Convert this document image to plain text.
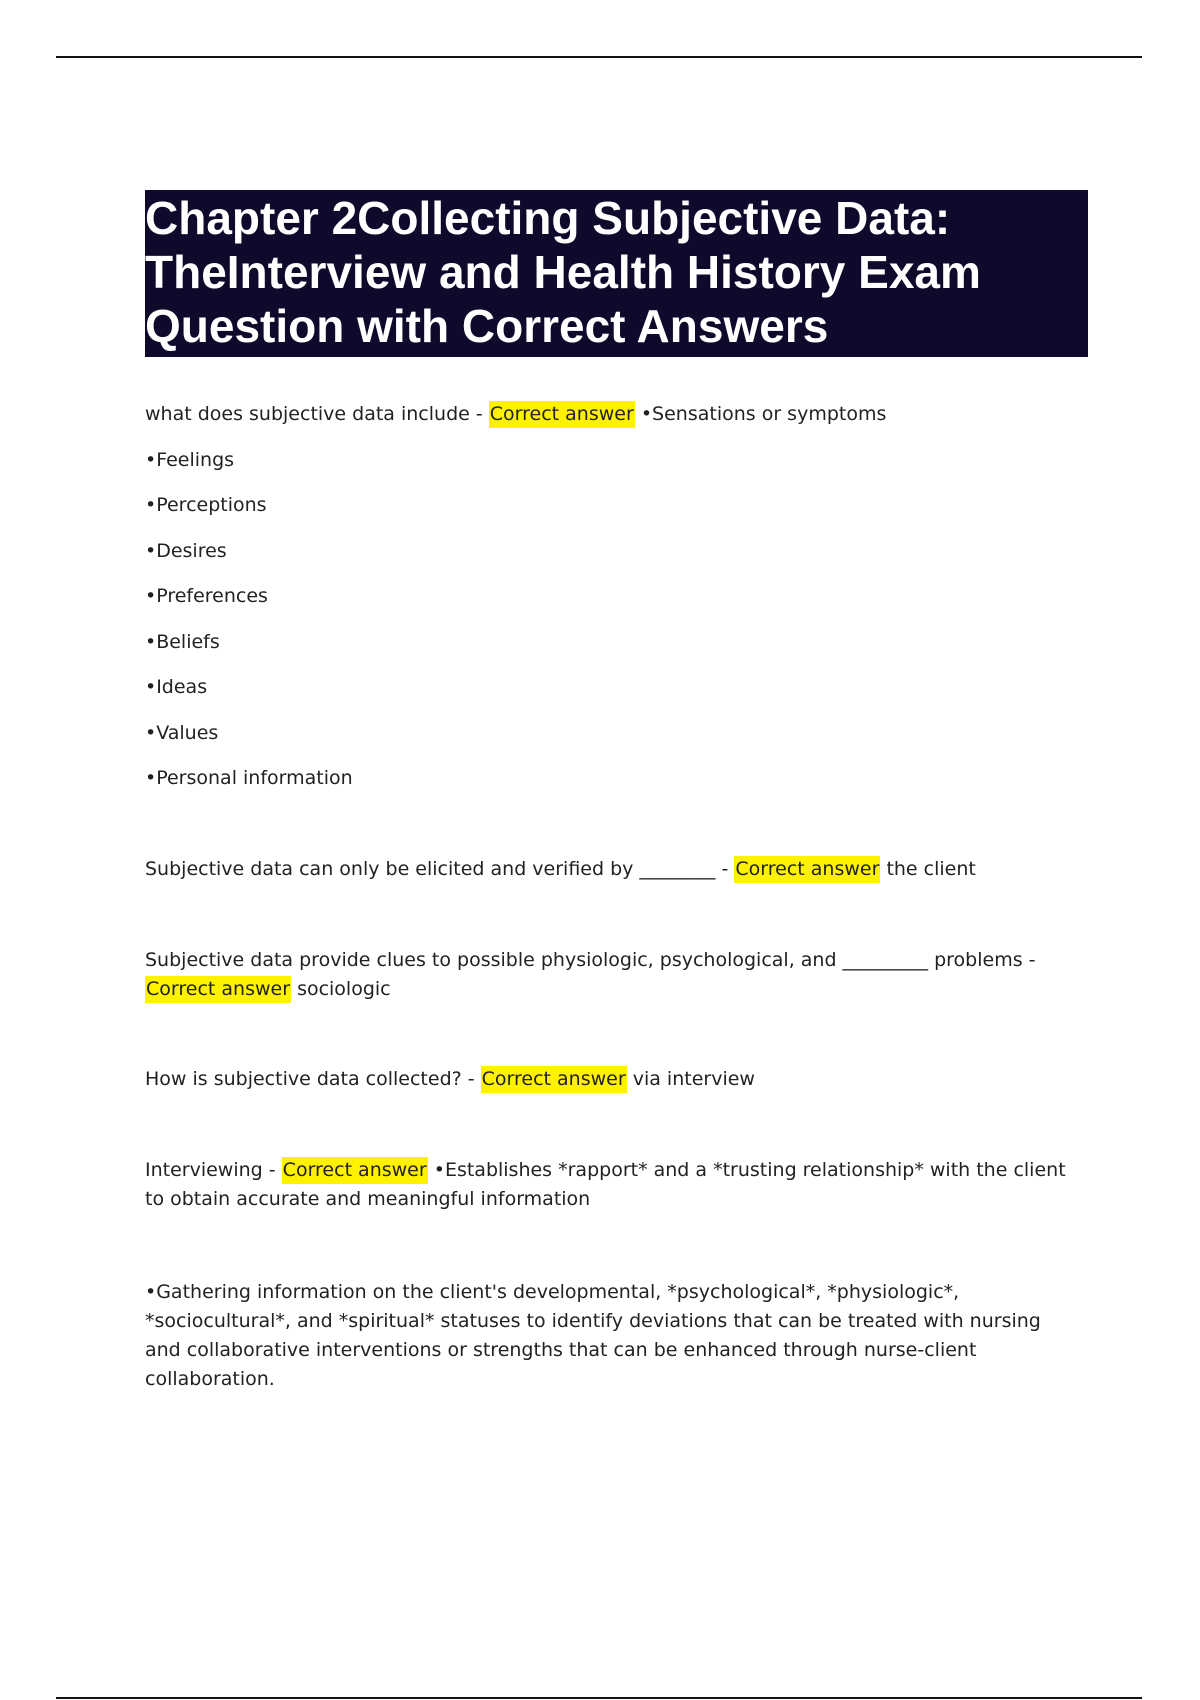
Chapter 2Collecting Subjective Data: TheInterview and Health History Exam Question with Correct Answers

what does subjective data include - Correct answer •Sensations or symptoms

•Feelings

•Perceptions

•Desires

•Preferences

•Beliefs

•Ideas

•Values

•Personal information

Subjective data can only be elicited and verified by ________ - Correct answer the client

Subjective data provide clues to possible physiologic, psychological, and _________ problems - Correct answer sociologic

How is subjective data collected? - Correct answer via interview

Interviewing - Correct answer •Establishes *rapport* and a *trusting relationship* with the client to obtain accurate and meaningful information

•Gathering information on the client's developmental, *psychological*, *physiologic*, *sociocultural*, and *spiritual* statuses to identify deviations that can be treated with nursing and collaborative interventions or strengths that can be enhanced through nurse-client collaboration.
